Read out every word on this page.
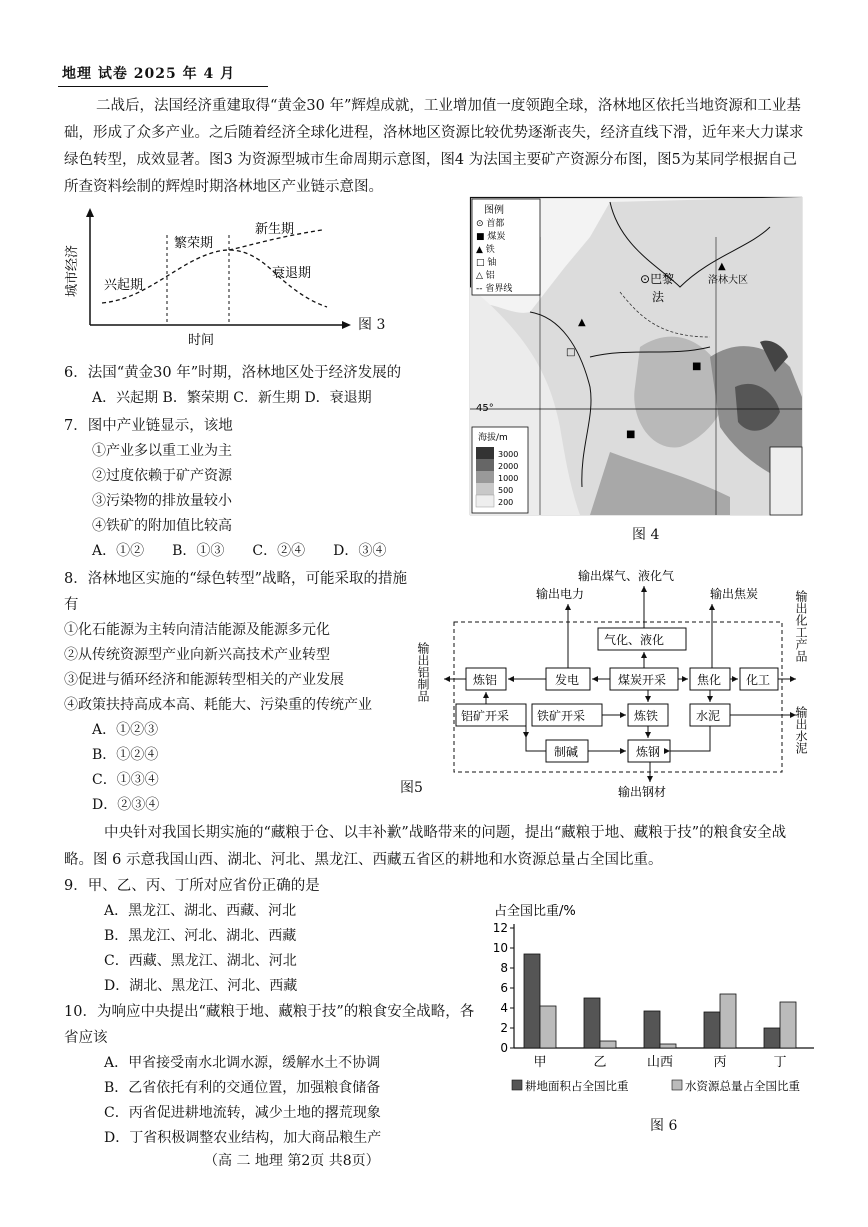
地理 试卷 2025 年 4 月
二战后，法国经济重建取得“黄金30 年”辉煌成就，工业增加值一度领跑全球，洛林地区依托当地资源和工业基础，形成了众多产业。之后随着经济全球化进程，洛林地区资源比较优势逐渐丧失，经济直线下滑，近年来大力谋求绿色转型，成效显著。图3 为资源型城市生命周期示意图，图4 为法国主要矿产资源分布图，图5为某同学根据自己所查资料绘制的辉煌时期洛林地区产业链示意图。
城市经济 兴起期
繁荣期
新生期
衰退期
时间
图 3
图例
⊙ 首都
■ 煤炭
▲ 铁
□ 铀
△ 铝
-- 省界线
⊙巴黎
法
洛林大区
45°
▲
▲
□
■
■
海拔/m
3000
2000
1000
500
200
图 4
6．法国“黄金30 年”时期，洛林地区处于经济发展的
A．兴起期 B．繁荣期 C．新生期 D．衰退期
7．图中产业链显示，该地
①产业多以重工业为主
②过度依赖于矿产资源
③污染物的排放量较小
④铁矿的附加值比较高
A．①② B．①③ C．②④ D．③④
8．洛林地区实施的“绿色转型”战略，可能采取的措施有
①化石能源为主转向清洁能源及能源多元化
②从传统资源型产业向新兴高技术产业转型
③促进与循环经济和能源转型相关的产业发展
④政策扶持高成本高、耗能大、污染重的传统产业
A．①②③
B．①②④
C．①③④
D．②③④
输出煤气、液化气
输出电力	输出焦炭
输出铝制品
输出化工产品
输出水泥
输出钢材
气化、液化
炼铝	发电	煤炭开采	焦化 化工
铝矿开采 铁矿开采	炼铁	水泥
制碱	炼钢
图5
中央针对我国长期实施的“藏粮于仓、以丰补歉”战略带来的问题，提出“藏粮于地、藏粮于技”的粮食安全战略。图 6 示意我国山西、湖北、河北、黑龙江、西藏五省区的耕地和水资源总量占全国比重。
9．甲、乙、丙、丁所对应省份正确的是
A．黑龙江、湖北、西藏、河北
B．黑龙江、河北、湖北、西藏
C．西藏、黑龙江、湖北、河北
D．湖北、黑龙江、河北、西藏
10．为响应中央提出“藏粮于地、藏粮于技”的粮食安全战略，各省应该
A．甲省接受南水北调水源，缓解水土不协调
B．乙省依托有利的交通位置，加强粮食储备
C．丙省促进耕地流转，减少土地的撂荒现象
D．丁省积极调整农业结构，加大商品粮生产
占全国比重/%
0
2
4
6
8
10
12
甲	乙	山西	丙	丁
耕地面积占全国比重	水资源总量占全国比重
图 6
（高 二 地理 第2页 共8页）
